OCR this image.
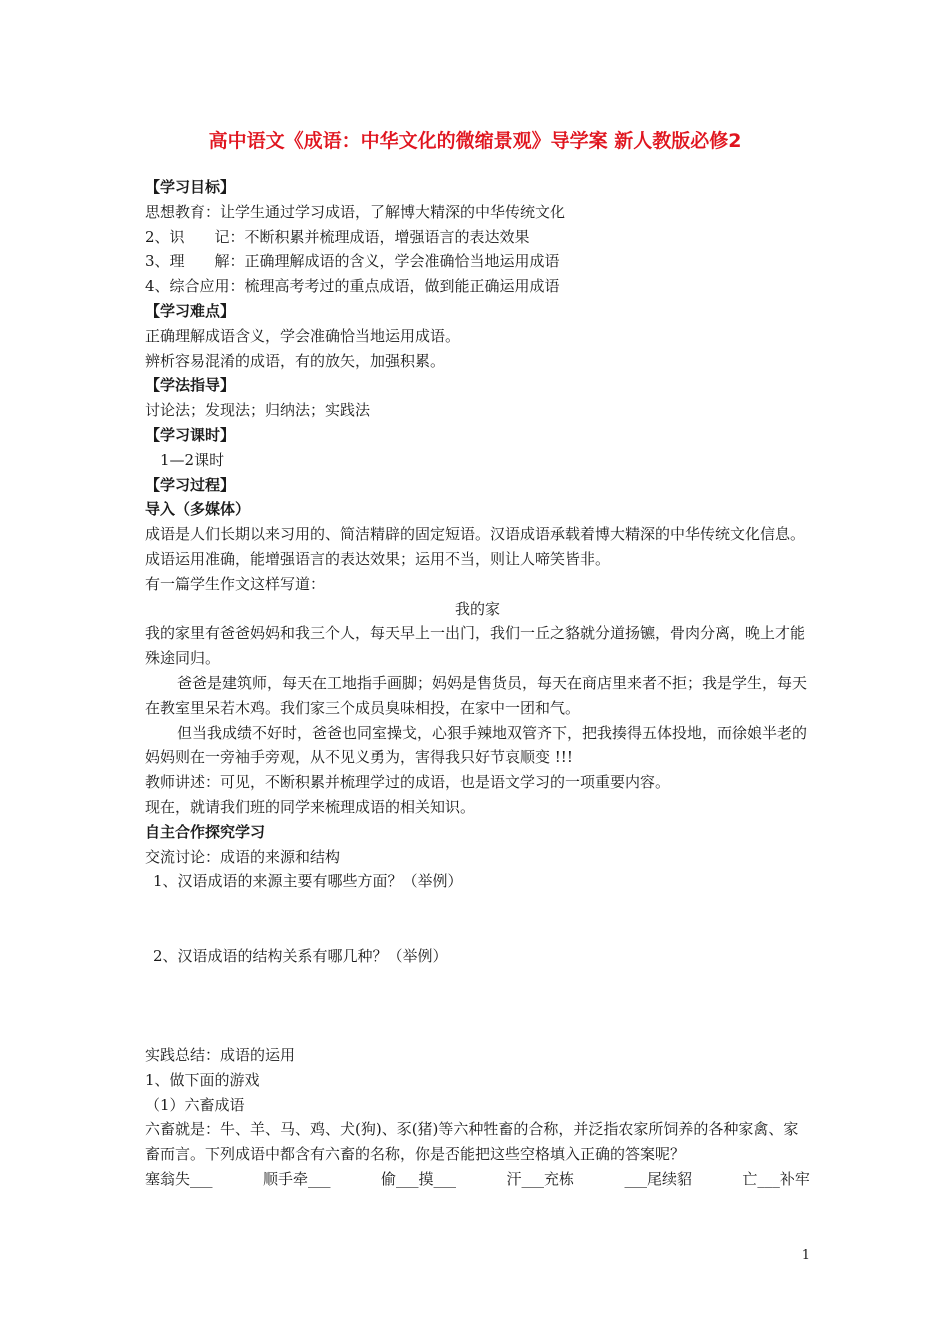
高中语文《成语：中华文化的微缩景观》导学案 新人教版必修2

【学习目标】

思想教育：让学生通过学习成语，了解博大精深的中华传统文化

2、识　　记：不断积累并梳理成语，增强语言的表达效果

3、理　　解：正确理解成语的含义，学会准确恰当地运用成语

4、综合应用：梳理高考考过的重点成语，做到能正确运用成语

【学习难点】

正确理解成语含义，学会准确恰当地运用成语。

辨析容易混淆的成语，有的放矢，加强积累。

【学法指导】

讨论法；发现法；归纳法；实践法

【学习课时】

1—2课时

【学习过程】

导入（多媒体）

成语是人们长期以来习用的、简洁精辟的固定短语。汉语成语承载着博大精深的中华传统文化信息。成语运用准确，能增强语言的表达效果；运用不当，则让人啼笑皆非。

有一篇学生作文这样写道：

我的家

我的家里有爸爸妈妈和我三个人，每天早上一出门，我们一丘之貉就分道扬镳，骨肉分离，晚上才能殊途同归。

爸爸是建筑师，每天在工地指手画脚；妈妈是售货员，每天在商店里来者不拒；我是学生，每天在教室里呆若木鸡。我们家三个成员臭味相投，在家中一团和气。

但当我成绩不好时，爸爸也同室操戈，心狠手辣地双管齐下，把我揍得五体投地，而徐娘半老的妈妈则在一旁袖手旁观，从不见义勇为，害得我只好节哀顺变 !!!

教师讲述：可见，不断积累并梳理学过的成语，也是语文学习的一项重要内容。

现在，就请我们班的同学来梳理成语的相关知识。

自主合作探究学习

交流讨论：成语的来源和结构

1、汉语成语的来源主要有哪些方面？（举例）

2、汉语成语的结构关系有哪几种？（举例）

实践总结：成语的运用

1、做下面的游戏

（1）六畜成语

六畜就是：牛、羊、马、鸡、犬(狗)、豕(猪)等六种牲畜的合称，并泛指农家所饲养的各种家禽、家畜而言。下列成语中都含有六畜的名称，你是否能把这些空格填入正确的答案呢？

塞翁失___	顺手牵___	偷___摸___	汗___充栋	___尾续貂	亡___补牢
1
